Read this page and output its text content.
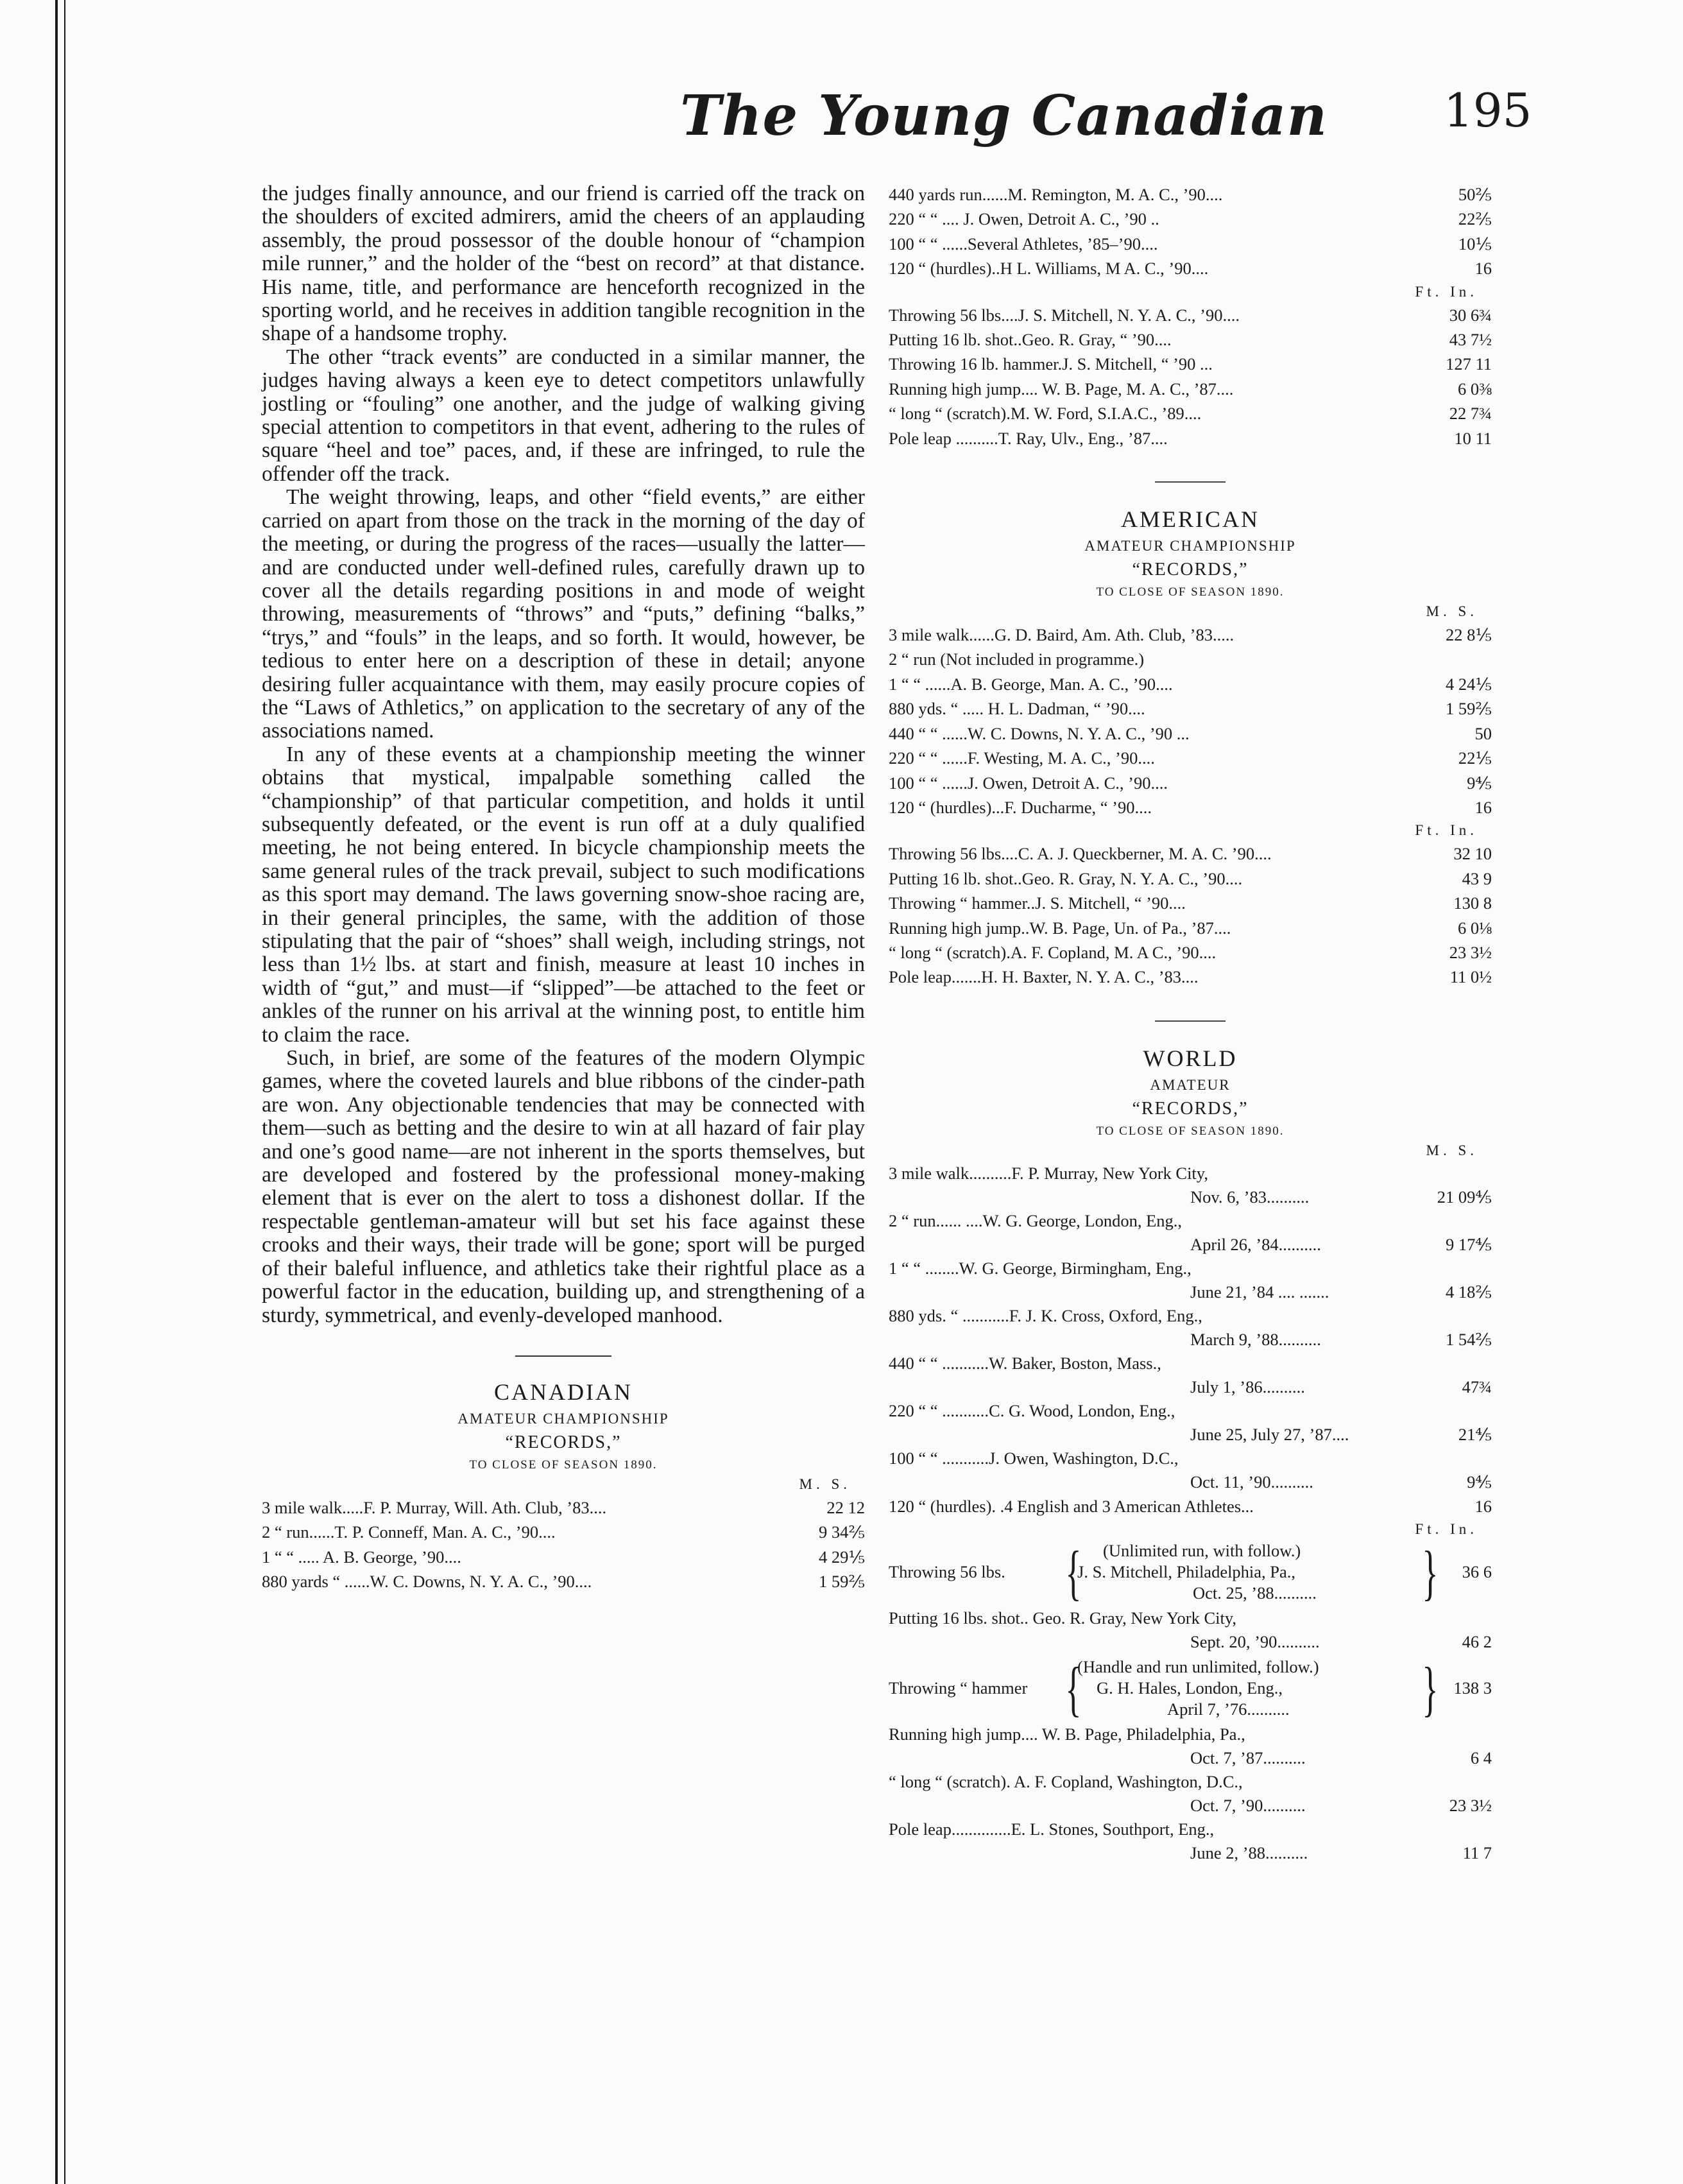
The Young Canadian	195

the judges finally announce, and our friend is carried off the track on the shoulders of excited admirers, amid the cheers of an applauding assembly, the proud possessor of the double honour of “champion mile runner,” and the holder of the “best on record” at that distance. His name, title, and performance are henceforth recognized in the sporting world, and he receives in addition tangible recognition in the shape of a handsome trophy.

The other “track events” are conducted in a similar manner, the judges having always a keen eye to detect competitors unlawfully jostling or “fouling” one another, and the judge of walking giving special attention to competitors in that event, adhering to the rules of square “heel and toe” paces, and, if these are infringed, to rule the offender off the track.

The weight throwing, leaps, and other “field events,” are either carried on apart from those on the track in the morning of the day of the meeting, or during the progress of the races—usually the latter—and are conducted under well-defined rules, carefully drawn up to cover all the details regarding positions in and mode of weight throwing, measurements of “throws” and “puts,” defining “balks,” “trys,” and “fouls” in the leaps, and so forth. It would, however, be tedious to enter here on a description of these in detail; anyone desiring fuller acquaintance with them, may easily procure copies of the “Laws of Athletics,” on application to the secretary of any of the associations named.

In any of these events at a championship meeting the winner obtains that mystical, impalpable something called the “championship” of that particular competition, and holds it until subsequently defeated, or the event is run off at a duly qualified meeting, he not being entered. In bicycle championship meets the same general rules of the track prevail, subject to such modifications as this sport may demand. The laws governing snow-shoe racing are, in their general principles, the same, with the addition of those stipulating that the pair of “shoes” shall weigh, including strings, not less than 1½ lbs. at start and finish, measure at least 10 inches in width of “gut,” and must—if “slipped”—be attached to the feet or ankles of the runner on his arrival at the winning post, to entitle him to claim the race.

Such, in brief, are some of the features of the modern Olympic games, where the coveted laurels and blue ribbons of the cinder-path are won. Any objectionable tendencies that may be connected with them—such as betting and the desire to win at all hazard of fair play and one’s good name—are not inherent in the sports themselves, but are developed and fostered by the professional money-making element that is ever on the alert to toss a dishonest dollar. If the respectable gentleman-amateur will but set his face against these crooks and their ways, their trade will be gone; sport will be purged of their baleful influence, and athletics take their rightful place as a powerful factor in the education, building up, and strengthening of a sturdy, symmetrical, and evenly-developed manhood.

CANADIAN
AMATEUR CHAMPIONSHIP
“RECORDS,”
TO CLOSE OF SEASON 1890.
M. S.
3 mile walk.....F. P. Murray, Will. Ath. Club, ’83....	22 12
2 “ run......T. P. Conneff, Man. A. C., ’90....	9 34⅖
1 “ “ ..... A. B. George, ’90....	4 29⅕
880 yards “ ......W. C. Downs, N. Y. A. C., ’90....	1 59⅖
440 yards run......M. Remington, M. A. C., ’90....	50⅖
220 “ “ .... J. Owen, Detroit A. C., ’90 ..	22⅖
100 “ “ ......Several Athletes, ’85–’90....	10⅕
120 “ (hurdles)..H L. Williams, M A. C., ’90....	16
Ft. In.
Throwing 56 lbs....J. S. Mitchell, N. Y. A. C., ’90....	30 6¾
Putting 16 lb. shot..Geo. R. Gray, “ ’90....	43 7½
Throwing 16 lb. hammer.J. S. Mitchell, “ ’90 ...	127 11
Running high jump.... W. B. Page, M. A. C., ’87....	6 0⅜
“ long “ (scratch).M. W. Ford, S.I.A.C., ’89....	22 7¾
Pole leap ..........T. Ray, Ulv., Eng., ’87....	10 11
AMERICAN
AMATEUR CHAMPIONSHIP
“RECORDS,”
TO CLOSE OF SEASON 1890.
M. S.
3 mile walk......G. D. Baird, Am. Ath. Club, ’83.....	22 8⅕
2 “ run (Not included in programme.)
1 “ “ ......A. B. George, Man. A. C., ’90....	4 24⅕
880 yds. “ ..... H. L. Dadman, “ ’90....	1 59⅖
440 “ “ ......W. C. Downs, N. Y. A. C., ’90 ...	50
220 “ “ ......F. Westing, M. A. C., ’90....	22⅕
100 “ “ ......J. Owen, Detroit A. C., ’90....	9⅘
120 “ (hurdles)...F. Ducharme, “ ’90....	16
Ft. In.
Throwing 56 lbs....C. A. J. Queckberner, M. A. C. ’90....	32 10
Putting 16 lb. shot..Geo. R. Gray, N. Y. A. C., ’90....	43 9
Throwing “ hammer..J. S. Mitchell, “ ’90....	130 8
Running high jump..W. B. Page, Un. of Pa., ’87....	6 0⅛
“ long “ (scratch).A. F. Copland, M. A C., ’90....	23 3½
Pole leap.......H. H. Baxter, N. Y. A. C., ’83....	11 0½
WORLD
AMATEUR
“RECORDS,”
TO CLOSE OF SEASON 1890.
M. S.
3 mile walk..........F. P. Murray, New York City,
Nov. 6, ’83..........	21 09⅘
2 “ run...... ....W. G. George, London, Eng.,
April 26, ’84..........	9 17⅘
1 “ “ ........W. G. George, Birmingham, Eng.,
June 21, ’84 .... .......	4 18⅖
880 yds. “ ...........F. J. K. Cross, Oxford, Eng.,
March 9, ’88..........	1 54⅖
440 “ “ ...........W. Baker, Boston, Mass.,
July 1, ’86..........	47¾
220 “ “ ...........C. G. Wood, London, Eng.,
June 25, July 27, ’87....	21⅘
100 “ “ ...........J. Owen, Washington, D.C.,
Oct. 11, ’90..........	9⅘
120 “ (hurdles). .4 English and 3 American Athletes...	16
Ft. In.
Throwing 56 lbs. {	(Unlimited run, with follow.)
J. S. Mitchell, Philadelphia, Pa.,
Oct. 25, ’88..........	}	36 6
Putting 16 lbs. shot.. Geo. R. Gray, New York City,
Sept. 20, ’90..........	46 2
Throwing “ hammer {
(Handle and run unlimited, follow.)
G. H. Hales, London, Eng.,
April 7, ’76..........	} 138 3
Running high jump.... W. B. Page, Philadelphia, Pa.,
Oct. 7, ’87..........	6 4
“ long “ (scratch). A. F. Copland, Washington, D.C.,
Oct. 7, ’90..........	23 3½
Pole leap..............E. L. Stones, Southport, Eng.,
June 2, ’88..........	11 7
